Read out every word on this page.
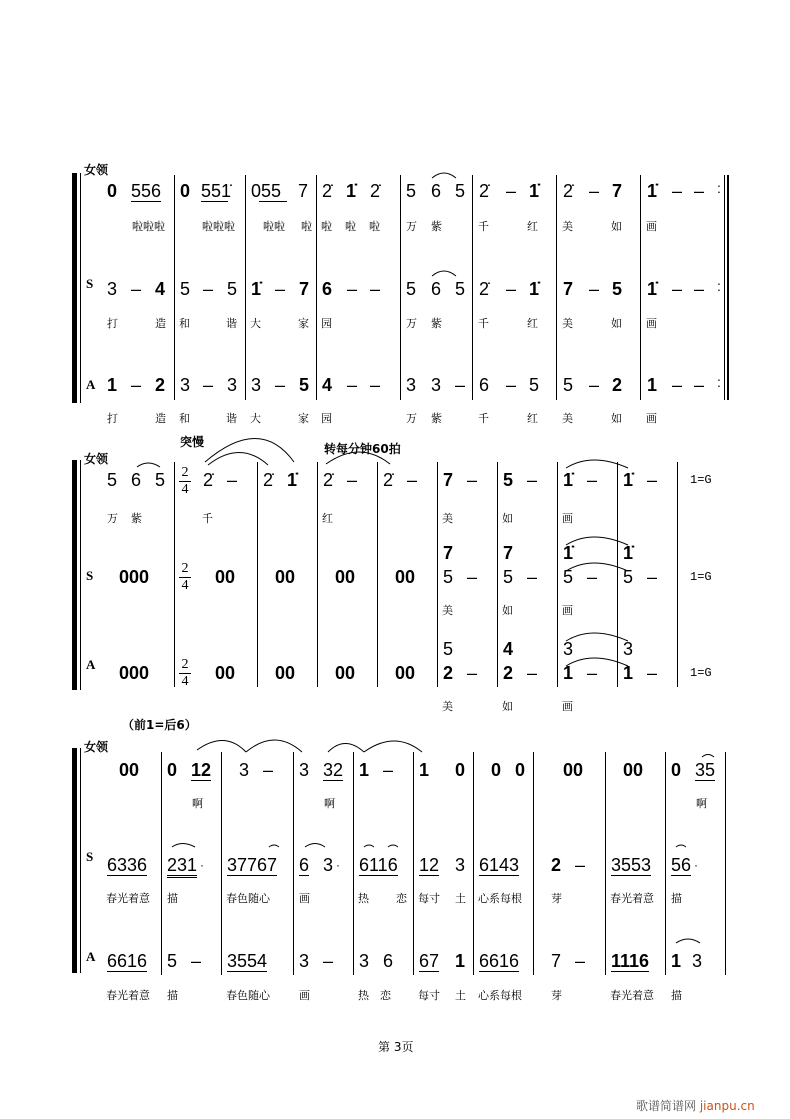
女领
S
A
0 556 0 551̇ 055 7 2̇ 1̇ 2̇ 5 6 5 2̇ – 1̇ 2̇ – 7 1̇ – – :
啦啦啦	啦啦啦	啦啦 啦 啦 啦 啦 万 紫	千	红 美	如 画
3 – 4 5 – 5 1̇ – 7 6 – – 5 6 5 2̇ – 1̇ 7 – 5 1̇ – – :
打	造 和	谐 大	家 园	万 紫	千	红 美	如 画
1 – 2 3 – 3 3 – 5 4 – – 3 3 – 6 – 5 5 – 2 1 – – :
打	造 和	谐 大	家 园	万 紫	千	红 美	如 画
突慢	转每分钟60拍
女领
S
A
2
4
2
4
2
4
5 6 5 2̇ – 2̇ 1̇ 2̇ – 2̇ – 7 – 5 – 1̇ – 1̇ –	1=G
万 紫	千	红	美	如	画
000	00 00 00 00
7	7	1̇	1̇
5 – 5 – 5 – 5 –	1=G
美	如	画
000	00 00 00 00
5	4	3	3
2 – 2 – 1 – 1 –	1=G
美	如	画
（前1=后6）
女领
S
A
00 0 12 3 – 3 32 1 – 1 0 0 0 00 00 0 35
啊	啊	啊
6336 231 · 37767 6 3 · 6116 12 3 6143 2 – 3553 56 ·
春光着意 描	春色随心	画	热 恋 每寸 土 心系每根	芽	春光着意 描
6616 5 – 3554 3 – 3 6 67 1 6616 7 – 1116 1 3
春光着意 描	春色随心	画	热 恋 每寸 土 心系每根	芽	春光着意 描
第 3页
歌谱简谱网 jianpu.cn
